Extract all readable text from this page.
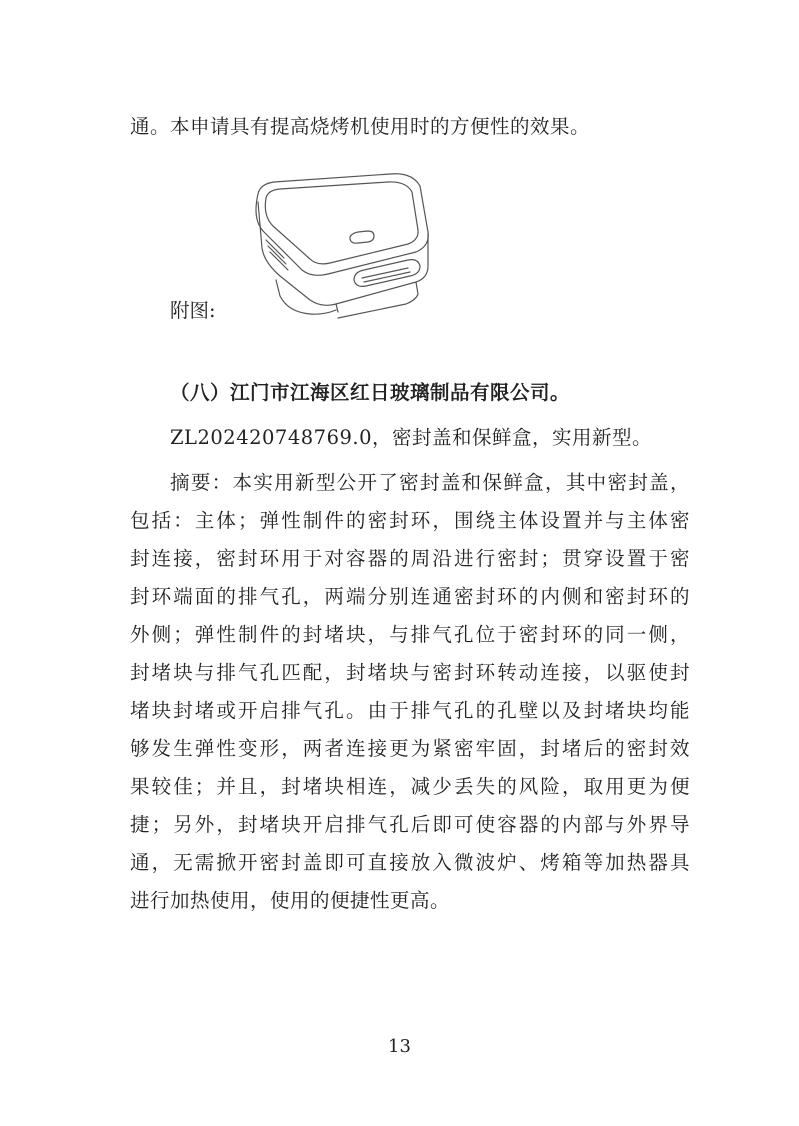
通。本申请具有提高烧烤机使用时的方便性的效果。
附图:
（八）江门市江海区红日玻璃制品有限公司。
ZL202420748769.0，密封盖和保鲜盒，实用新型。
摘要：本实用新型公开了密封盖和保鲜盒，其中密封盖，
包括：主体；弹性制件的密封环，围绕主体设置并与主体密
封连接，密封环用于对容器的周沿进行密封；贯穿设置于密
封环端面的排气孔，两端分别连通密封环的内侧和密封环的
外侧；弹性制件的封堵块，与排气孔位于密封环的同一侧，
封堵块与排气孔匹配，封堵块与密封环转动连接，以驱使封
堵块封堵或开启排气孔。由于排气孔的孔壁以及封堵块均能
够发生弹性变形，两者连接更为紧密牢固，封堵后的密封效
果较佳；并且，封堵块相连，减少丢失的风险，取用更为便
捷；另外，封堵块开启排气孔后即可使容器的内部与外界导
通，无需掀开密封盖即可直接放入微波炉、烤箱等加热器具
进行加热使用，使用的便捷性更高。
13
